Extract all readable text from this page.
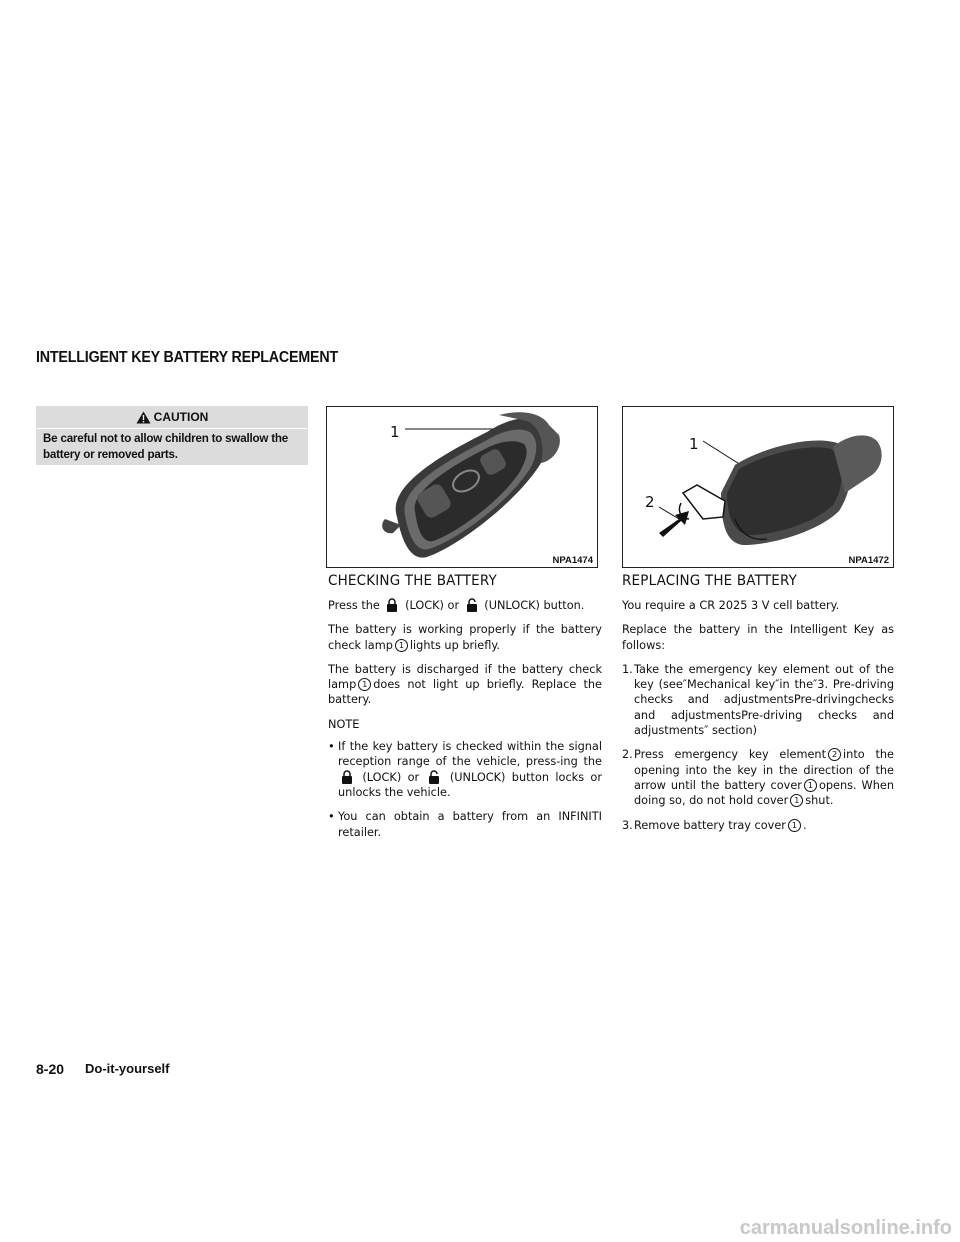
INTELLIGENT KEY BATTERY REPLACEMENT
CAUTION
Be careful not to allow children to swallow the battery or removed parts.
1
NPA1474
1
2
NPA1472
CHECKING THE BATTERY

Press the (LOCK) or (UNLOCK) button.

The battery is working properly if the battery check lamp 1 lights up briefly.

The battery is discharged if the battery check lamp 1 does not light up briefly. Replace the battery.

NOTE
• If the key battery is checked within the signal reception range of the vehicle, press-ing the  (LOCK) or	(UNLOCK) button locks or unlocks the vehicle.
• You can obtain a battery from an INFINITI retailer.
REPLACING THE BATTERY

You require a CR 2025 3 V cell battery.

Replace the battery in the Intelligent Key as follows:

1. Take the emergency key element out of the key (see″Mechanical key″in the″3. Pre-driving checks and adjustmentsPre-drivingchecks and adjustmentsPre-driving checks and adjustments″ section)
2. Press emergency key element 2 into the opening into the key in the direction of the arrow until the battery cover 1 opens. When doing so, do not hold cover 1 shut.
3. Remove battery tray cover 1 .
8-20 Do-it-yourself
carmanualsonline.info
